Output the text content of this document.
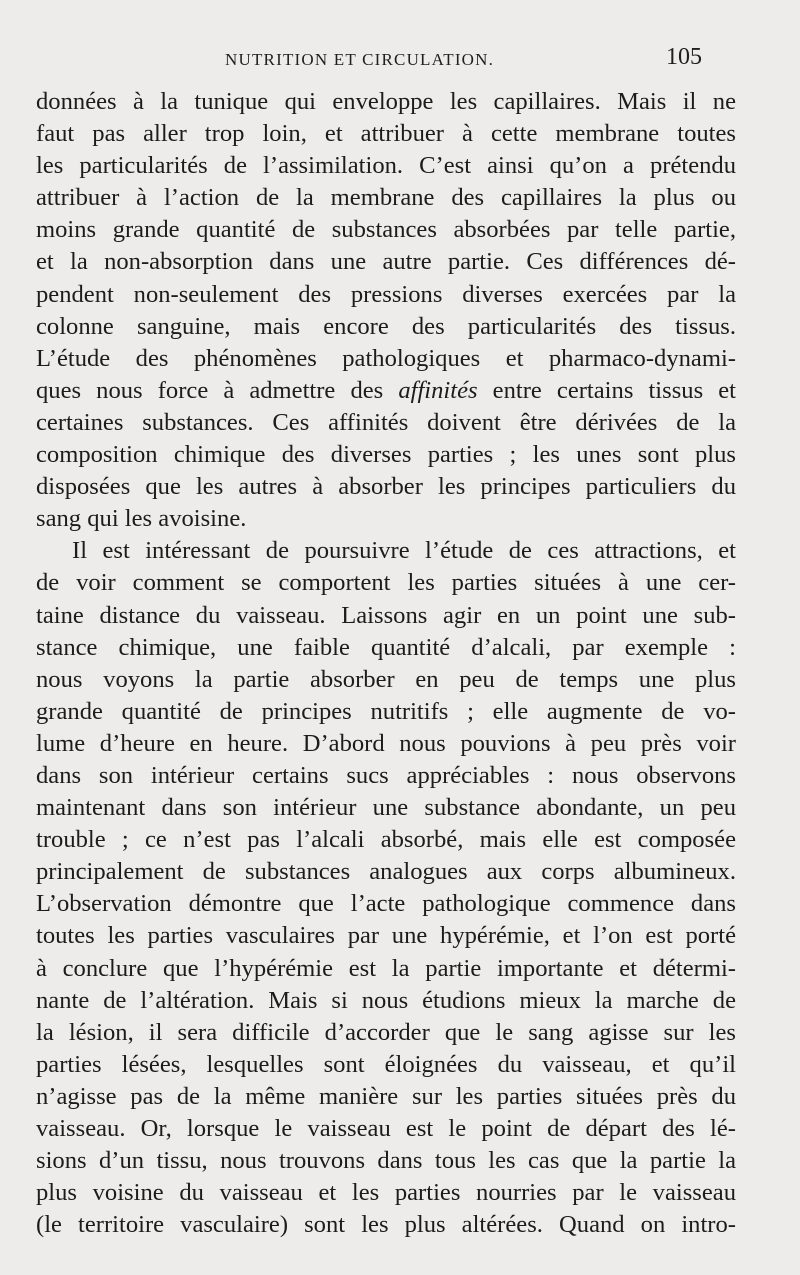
NUTRITION ET CIRCULATION.	105
données à la tunique qui enveloppe les capillaires. Mais il ne
faut pas aller trop loin, et attribuer à cette membrane toutes
les particularités de l’assimilation. C’est ainsi qu’on a prétendu
attribuer à l’action de la membrane des capillaires la plus ou
moins grande quantité de substances absorbées par telle partie,
et la non-absorption dans une autre partie. Ces différences dé-
pendent non-seulement des pressions diverses exercées par la
colonne sanguine, mais encore des particularités des tissus.
L’étude des phénomènes pathologiques et pharmaco-dynami-
ques nous force à admettre des affinités entre certains tissus et
certaines substances. Ces affinités doivent être dérivées de la
composition chimique des diverses parties ; les unes sont plus
disposées que les autres à absorber les principes particuliers du
sang qui les avoisine.
Il est intéressant de poursuivre l’étude de ces attractions, et
de voir comment se comportent les parties situées à une cer-
taine distance du vaisseau. Laissons agir en un point une sub-
stance chimique, une faible quantité d’alcali, par exemple :
nous voyons la partie absorber en peu de temps une plus
grande quantité de principes nutritifs ; elle augmente de vo-
lume d’heure en heure. D’abord nous pouvions à peu près voir
dans son intérieur certains sucs appréciables : nous observons
maintenant dans son intérieur une substance abondante, un peu
trouble ; ce n’est pas l’alcali absorbé, mais elle est composée
principalement de substances analogues aux corps albumineux.
L’observation démontre que l’acte pathologique commence dans
toutes les parties vasculaires par une hypérémie, et l’on est porté
à conclure que l’hypérémie est la partie importante et détermi-
nante de l’altération. Mais si nous étudions mieux la marche de
la lésion, il sera difficile d’accorder que le sang agisse sur les
parties lésées, lesquelles sont éloignées du vaisseau, et qu’il
n’agisse pas de la même manière sur les parties situées près du
vaisseau. Or, lorsque le vaisseau est le point de départ des lé-
sions d’un tissu, nous trouvons dans tous les cas que la partie la
plus voisine du vaisseau et les parties nourries par le vaisseau
(le territoire vasculaire) sont les plus altérées. Quand on intro-
